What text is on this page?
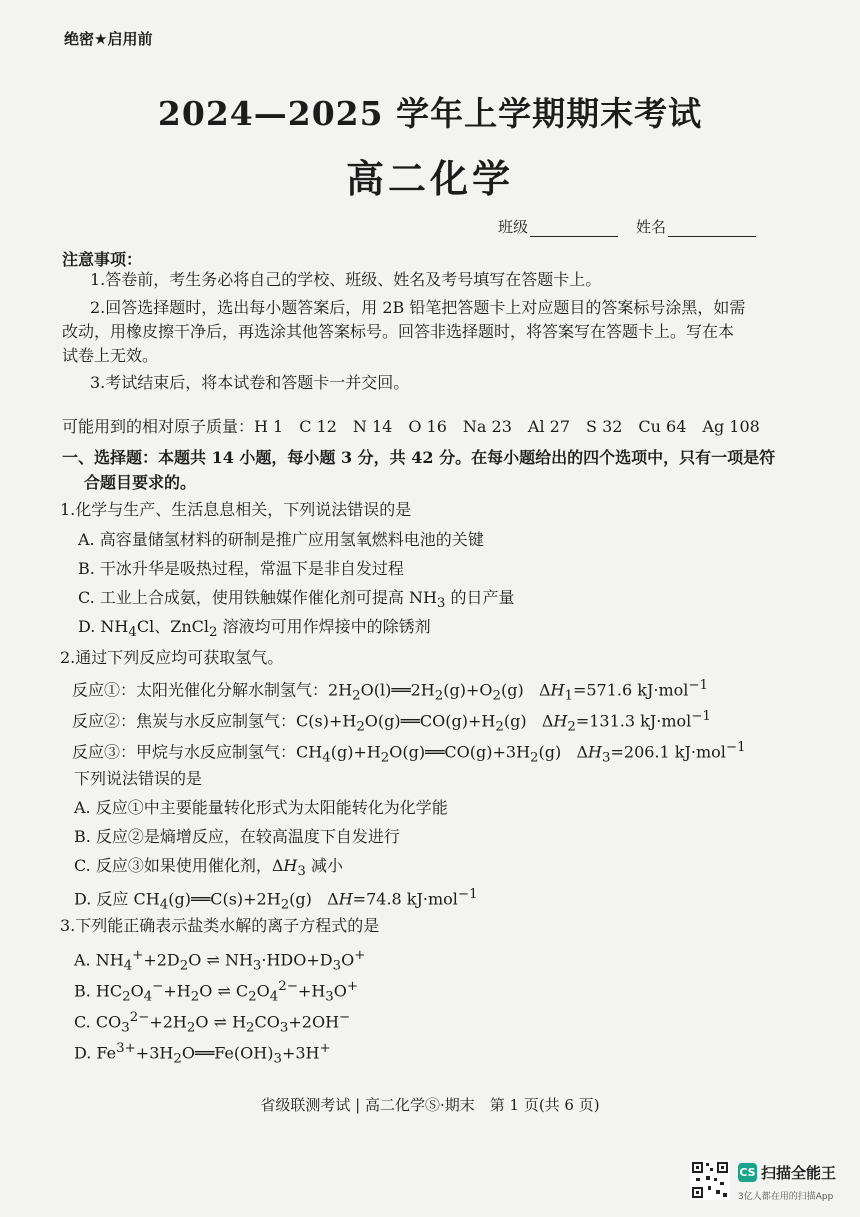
绝密★启用前
2024—2025 学年上学期期末考试
高二化学
班级	姓名
注意事项：
1.答卷前，考生务必将自己的学校、班级、姓名及考号填写在答题卡上。
2.回答选择题时，选出每小题答案后，用 2B 铅笔把答题卡上对应题目的答案标号涂黑，如需
改动，用橡皮擦干净后，再选涂其他答案标号。回答非选择题时，将答案写在答题卡上。写在本
试卷上无效。
3.考试结束后，将本试卷和答题卡一并交回。
可能用到的相对原子质量：H 1　C 12　N 14　O 16　Na 23　Al 27　S 32　Cu 64　Ag 108
一、选择题：本题共 14 小题，每小题 3 分，共 42 分。在每小题给出的四个选项中，只有一项是符
合题目要求的。
1.化学与生产、生活息息相关，下列说法错误的是
A. 高容量储氢材料的研制是推广应用氢氧燃料电池的关键
B. 干冰升华是吸热过程，常温下是非自发过程
C. 工业上合成氨，使用铁触媒作催化剂可提高 $NH_3$ 的日产量
D. $NH_4Cl$、ZnCl$_2$ 溶液均可用作焊接中的除锈剂
2.通过下列反应均可获取氢气。
反应①：太阳光催化分解水制氢气：$2H_2O(l)══2H_2(g)+O_2(g)$   $\Delta H_1=571.6$ kJ·mol$^{-1}$
反应②：焦炭与水反应制氢气：$C(s)+H_2O(g)══CO(g)+H_2(g)$   $\Delta H_2=131.3$ kJ·mol$^{-1}$
反应③：甲烷与水反应制氢气：$CH_4(g)+H_2O(g)══CO(g)+3H_2(g)$   $\Delta H_3=206.1$ kJ·mol$^{-1}$
下列说法错误的是
A. 反应①中主要能量转化形式为太阳能转化为化学能
B. 反应②是熵增反应，在较高温度下自发进行
C. 反应③如果使用催化剂，$\Delta H_3$ 减小
D. 反应 $CH_4(g)══C(s)+2H_2(g)$   ΔH=74.8 kJ·mol$^{-1}$
3.下列能正确表示盐类水解的离子方程式的是
A. $NH_4^++2D_2O$ ⇌ $NH_3\cdot HDO+D_3O^+$
B. $HC_2O_4^-+H_2O$ ⇌ $C_2O_4^{2-}+H_3O^+$
C. $CO_3^{2-}+2H_2O$ ⇌ $H_2CO_3+2OH^-$
D. $Fe^{3+}+3H_2O══Fe(OH)_3+3H^+$
省级联测考试 | 高二化学Ⓢ·期末　第 1 页(共 6 页)
CS 扫描全能王
3亿人都在用的扫描App
